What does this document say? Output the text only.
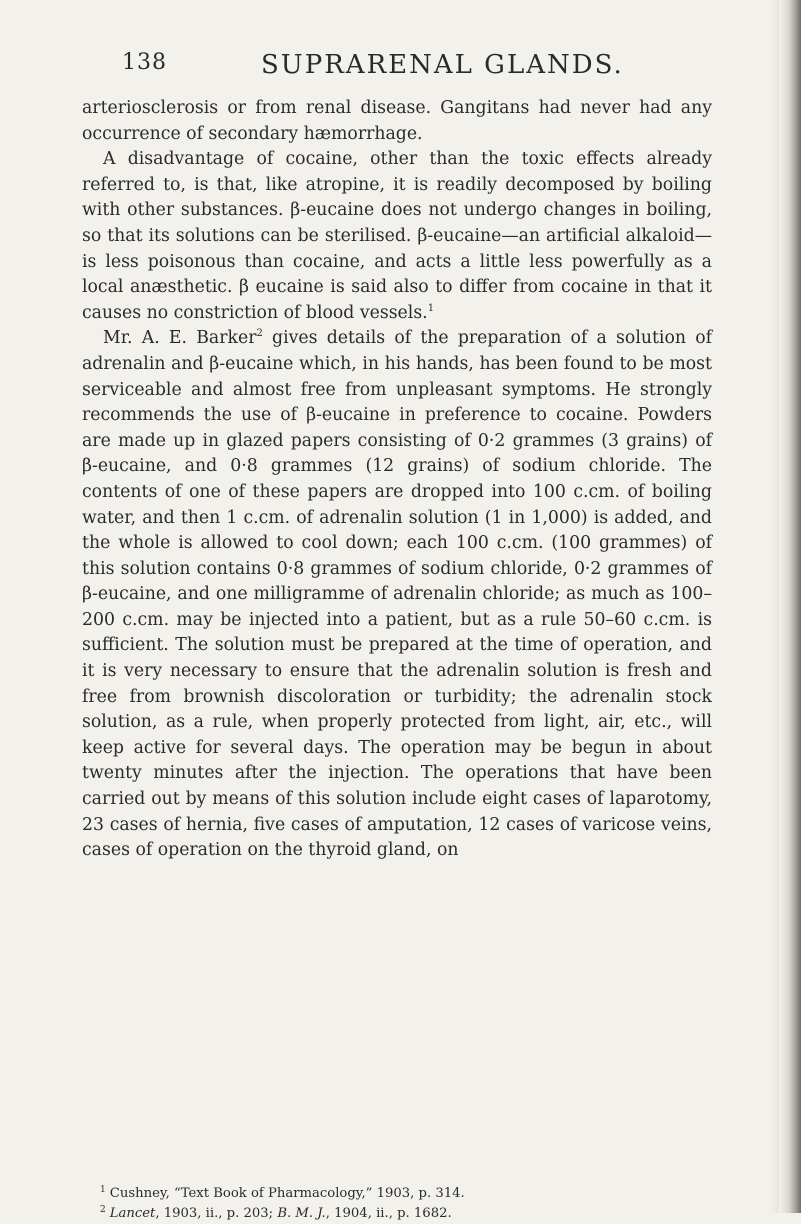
138	SUPRARENAL GLANDS.

arteriosclerosis or from renal disease. Gangitans had never had any occurrence of secondary hæmorrhage.

A disadvantage of cocaine, other than the toxic effects already referred to, is that, like atropine, it is readily decomposed by boiling with other substances. β-eucaine does not undergo changes in boiling, so that its solutions can be sterilised. β-eucaine—an artificial alkaloid—is less poisonous than cocaine, and acts a little less powerfully as a local anæsthetic. β eucaine is said also to differ from cocaine in that it causes no constriction of blood vessels.$^1$

Mr. A. E. Barker$^2$ gives details of the preparation of a solution of adrenalin and β-eucaine which, in his hands, has been found to be most serviceable and almost free from unpleasant symptoms. He strongly recommends the use of β-eucaine in preference to cocaine. Powders are made up in glazed papers consisting of 0·2 grammes (3 grains) of β-eucaine, and 0·8 grammes (12 grains) of sodium chloride. The contents of one of these papers are dropped into 100 c.cm. of boiling water, and then 1 c.cm. of adrenalin solution (1 in 1,000) is added, and the whole is allowed to cool down; each 100 c.cm. (100 grammes) of this solution contains 0·8 grammes of sodium chloride, 0·2 grammes of β-eucaine, and one milligramme of adrenalin chloride; as much as 100–200 c.cm. may be injected into a patient, but as a rule 50–60 c.cm. is sufficient. The solution must be prepared at the time of operation, and it is very necessary to ensure that the adrenalin solution is fresh and free from brownish discoloration or turbidity; the adrenalin stock solution, as a rule, when properly protected from light, air, etc., will keep active for several days. The operation may be begun in about twenty minutes after the injection. The operations that have been carried out by means of this solution include eight cases of laparotomy, 23 cases of hernia, five cases of amputation, 12 cases of varicose veins, cases of operation on the thyroid gland, on

$^1$ Cushney, “Text Book of Pharmacology,” 1903, p. 314.
$^2$ Lancet, 1903, ii., p. 203; B. M. J., 1904, ii., p. 1682.
